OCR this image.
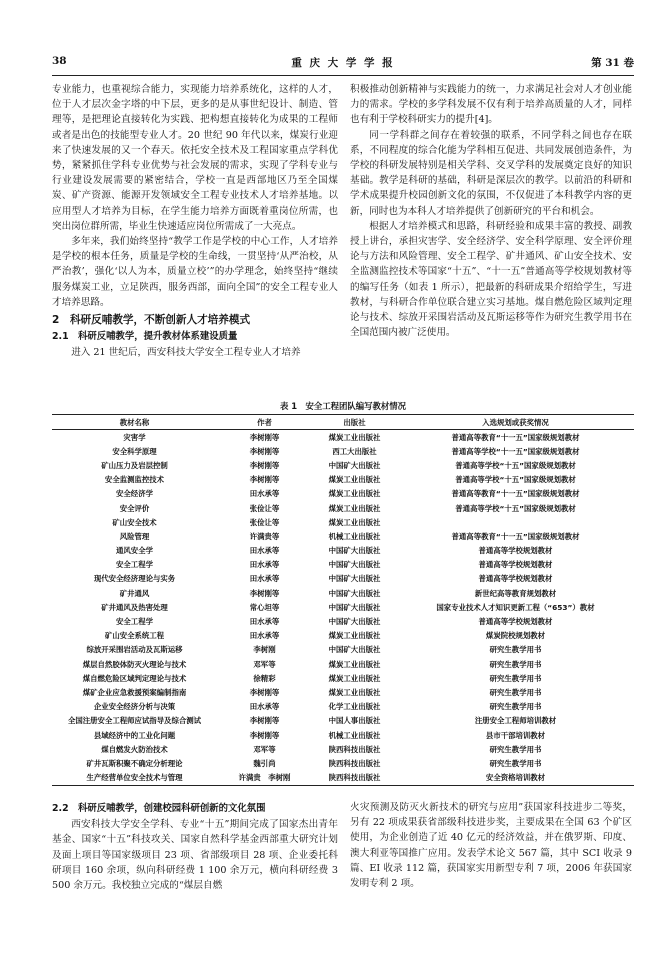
38	重 庆 大 学 学 报	第 31 卷

专业能力，也重视综合能力，实现能力培养系统化，这样的人才，位于人才层次金字塔的中下层，更多的是从事世纪设计、制造、管理等，是把理论直接转化为实践、把构想直接转化为成果的工程师或者是出色的技能型专业人才。20 世纪 90 年代以来，煤炭行业迎来了快速发展的又一个春天。依托安全技术及工程国家重点学科优势，紧紧抓住学科专业优势与社会发展的需求，实现了学科专业与行业建设发展需要的紧密结合，学校一直是西部地区乃至全国煤炭、矿产资源、能源开发领域安全工程专业技术人才培养基地。以应用型人才培养为目标，在学生能力培养方面既着重岗位所需，也突出岗位群所需，毕业生快速适应岗位所需成了一大亮点。

多年来，我们始终坚持“教学工作是学校的中心工作，人才培养是学校的根本任务，质量是学校的生命线，一贯坚持‘从严治校，从严治教’，强化‘以人为本，质量立校’”的办学理念，始终坚持“继续服务煤炭工业，立足陕西，服务西部，面向全国”的安全工程专业人才培养思路。

2　科研反哺教学，不断创新人才培养模式
2.1　科研反哺教学，提升教材体系建设质量

进入 21 世纪后，西安科技大学安全工程专业人才培养

积极推动创新精神与实践能力的统一，力求满足社会对人才创业能力的需求。学校的多学科发展不仅有利于培养高质量的人才，同样也有利于学校科研实力的提升[4]。

同一学科群之间存在着较强的联系，不同学科之间也存在联系，不同程度的综合化能为学科相互促进、共同发展创造条件，为学校的科研发展特别是相关学科、交叉学科的发展奠定良好的知识基础。教学是科研的基础，科研是深层次的教学。以前沿的科研和学术成果提升校园创新文化的氛围，不仅促进了本科教学内容的更新，同时也为本科人才培养提供了创新研究的平台和机会。

根据人才培养模式和思路，科研经验和成果丰富的教授、副教授上讲台，承担灾害学、安全经济学、安全科学原理、安全评价理论与方法和风险管理、安全工程学、矿井通风、矿山安全技术、安全监测监控技术等国家“十五”、“十一五”普通高等学校规划教材等的编写任务（如表 1 所示），把最新的科研成果介绍给学生，写进教材，与科研合作单位联合建立实习基地。煤自燃危险区域判定理论与技术、综放开采围岩活动及瓦斯运移等作为研究生教学用书在全国范围内被广泛使用。

表 1　安全工程团队编写教材情况
教材名称	作者	出版社	入选规划或获奖情况
灾害学	李树刚等	煤炭工业出版社	普通高等教育“十一五”国家级规划教材
安全科学原理	李树刚等	西工大出版社	普通高等学校“十一五”国家级规划教材
矿山压力及岩层控制	李树刚等	中国矿大出版社	普通高等学校“十五”国家级规划教材
安全监测监控技术	李树刚等	煤炭工业出版社	普通高等学校“十五”国家级规划教材
安全经济学	田水承等	煤炭工业出版社	普通高等教育“十一五”国家级规划教材
安全评价	张俭让等	煤炭工业出版社	普通高等学校“十五”国家级规划教材
矿山安全技术	张俭让等	煤炭工业出版社	
风险管理	许满贵等	机械工业出版社	普通高等教育“十一五”国家级规划教材
通风安全学	田水承等	中国矿大出版社	普通高等学校规划教材
安全工程学	田水承等	中国矿大出版社	普通高等学校规划教材
现代安全经济理论与实务	田水承等	中国矿大出版社	普通高等学校规划教材
矿井通风	李树刚等	中国矿大出版社	新世纪高等教育规划教材
矿井通风及热害处理	常心坦等	中国矿大出版社	国家专业技术人才知识更新工程（“653”）教材
安全工程学	田水承等	中国矿大出版社	普通高等学校规划教材
矿山安全系统工程	田水承等	煤炭工业出版社	煤炭院校规划教材
综放开采围岩活动及瓦斯运移	李树刚	中国矿大出版社	研究生教学用书
煤层自然胶体防灭火理论与技术	邓军等	煤炭工业出版社	研究生教学用书
煤自燃危险区域判定理论与技术	徐精彩	煤炭工业出版社	研究生教学用书
煤矿企业应急救援预案编制指南	李树刚等	煤炭工业出版社	研究生教学用书
企业安全经济分析与决策	田水承等	化学工业出版社	研究生教学用书
全国注册安全工程师应试指导及综合测试	李树刚等	中国人事出版社	注册安全工程师培训教材
县域经济中的工业化问题	李树刚等	机械工业出版社	县市干部培训教材
煤自燃发火防治技术	邓军等	陕西科技出版社	研究生教学用书
矿井瓦斯积聚不确定分析理论	魏引尚	陕西科技出版社	研究生教学用书
生产经营单位安全技术与管理	许满贵　李树刚	陕西科技出版社	安全资格培训教材
2.2　科研反哺教学，创建校园科研创新的文化氛围

西安科技大学安全学科、专业“十五”期间完成了国家杰出青年基金、国家“十五”科技攻关、国家自然科学基金西部重大研究计划及面上项目等国家级项目 23 项、省部级项目 28 项、企业委托科研项目 160 余项，纵向科研经费 1 100 余万元，横向科研经费 3 500 余万元。我校独立完成的“煤层自燃

火灾预测及防灭火新技术的研究与应用”获国家科技进步二等奖，另有 22 项成果获省部级科技进步奖，主要成果在全国 63 个矿区使用，为企业创造了近 40 亿元的经济效益，并在俄罗斯、印度、澳大利亚等国推广应用。发表学术论文 567 篇，其中 SCI 收录 9 篇、EI 收录 112 篇，获国家实用新型专利 7 项，2006 年获国家发明专利 2 项。
